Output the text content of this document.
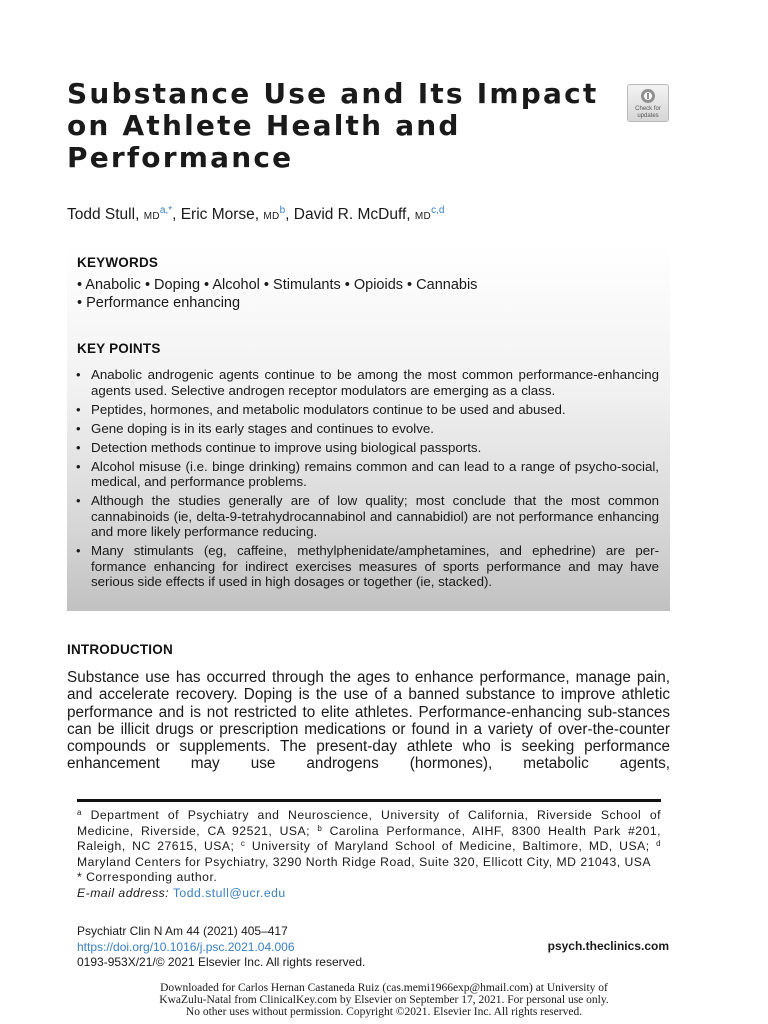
Substance Use and Its Impact
on Athlete Health and
Performance
Check for
updates

Todd Stull, $MD^{a,*}$, Eric Morse, $MD^b$, David R. McDuff, MD$^{c,d}$

KEYWORDS

• Anabolic • Doping • Alcohol • Stimulants • Opioids • Cannabis

• Performance enhancing

KEY POINTS
• Anabolic androgenic agents continue to be among the most common performance-enhancing agents used. Selective androgen receptor modulators are emerging as a class.
• Peptides, hormones, and metabolic modulators continue to be used and abused.
• Gene doping is in its early stages and continues to evolve.
• Detection methods continue to improve using biological passports.
• Alcohol misuse (i.e. binge drinking) remains common and can lead to a range of psycho-social, medical, and performance problems.
• Although the studies generally are of low quality; most conclude that the most common cannabinoids (ie, delta-9-tetrahydrocannabinol and cannabidiol) are not performance enhancing and more likely performance reducing.
• Many stimulants (eg, caffeine, methylphenidate/amphetamines, and ephedrine) are per-formance enhancing for indirect exercises measures of sports performance and may have serious side effects if used in high dosages or together (ie, stacked).
INTRODUCTION

Substance use has occurred through the ages to enhance performance, manage pain, and accelerate recovery. Doping is the use of a banned substance to improve athletic performance and is not restricted to elite athletes. Performance-enhancing sub-stances can be illicit drugs or prescription medications or found in a variety of over-the-counter compounds or supplements. The present-day athlete who is seeking performance enhancement may use androgens (hormones), metabolic agents,

$^a$ Department of Psychiatry and Neuroscience, University of California, Riverside School of Medicine, Riverside, CA 92521, USA; $^b$ Carolina Performance, AIHF, 8300 Health Park #201, Raleigh, NC 27615, USA; $^c$ University of Maryland School of Medicine, Baltimore, MD, USA; $^d$ Maryland Centers for Psychiatry, 3290 North Ridge Road, Suite 320, Ellicott City, MD 21043, USA
* Corresponding author.
E-mail address: Todd.stull@ucr.edu

Psychiatr Clin N Am 44 (2021) 405–417
https://doi.org/10.1016/j.psc.2021.04.006
0193-953X/21/© 2021 Elsevier Inc. All rights reserved.

psych.theclinics.com

Downloaded for Carlos Hernan Castaneda Ruiz (cas.memi1966exp@hmail.com) at University of
KwaZulu-Natal from ClinicalKey.com by Elsevier on September 17, 2021. For personal use only.
No other uses without permission. Copyright ©2021. Elsevier Inc. All rights reserved.
